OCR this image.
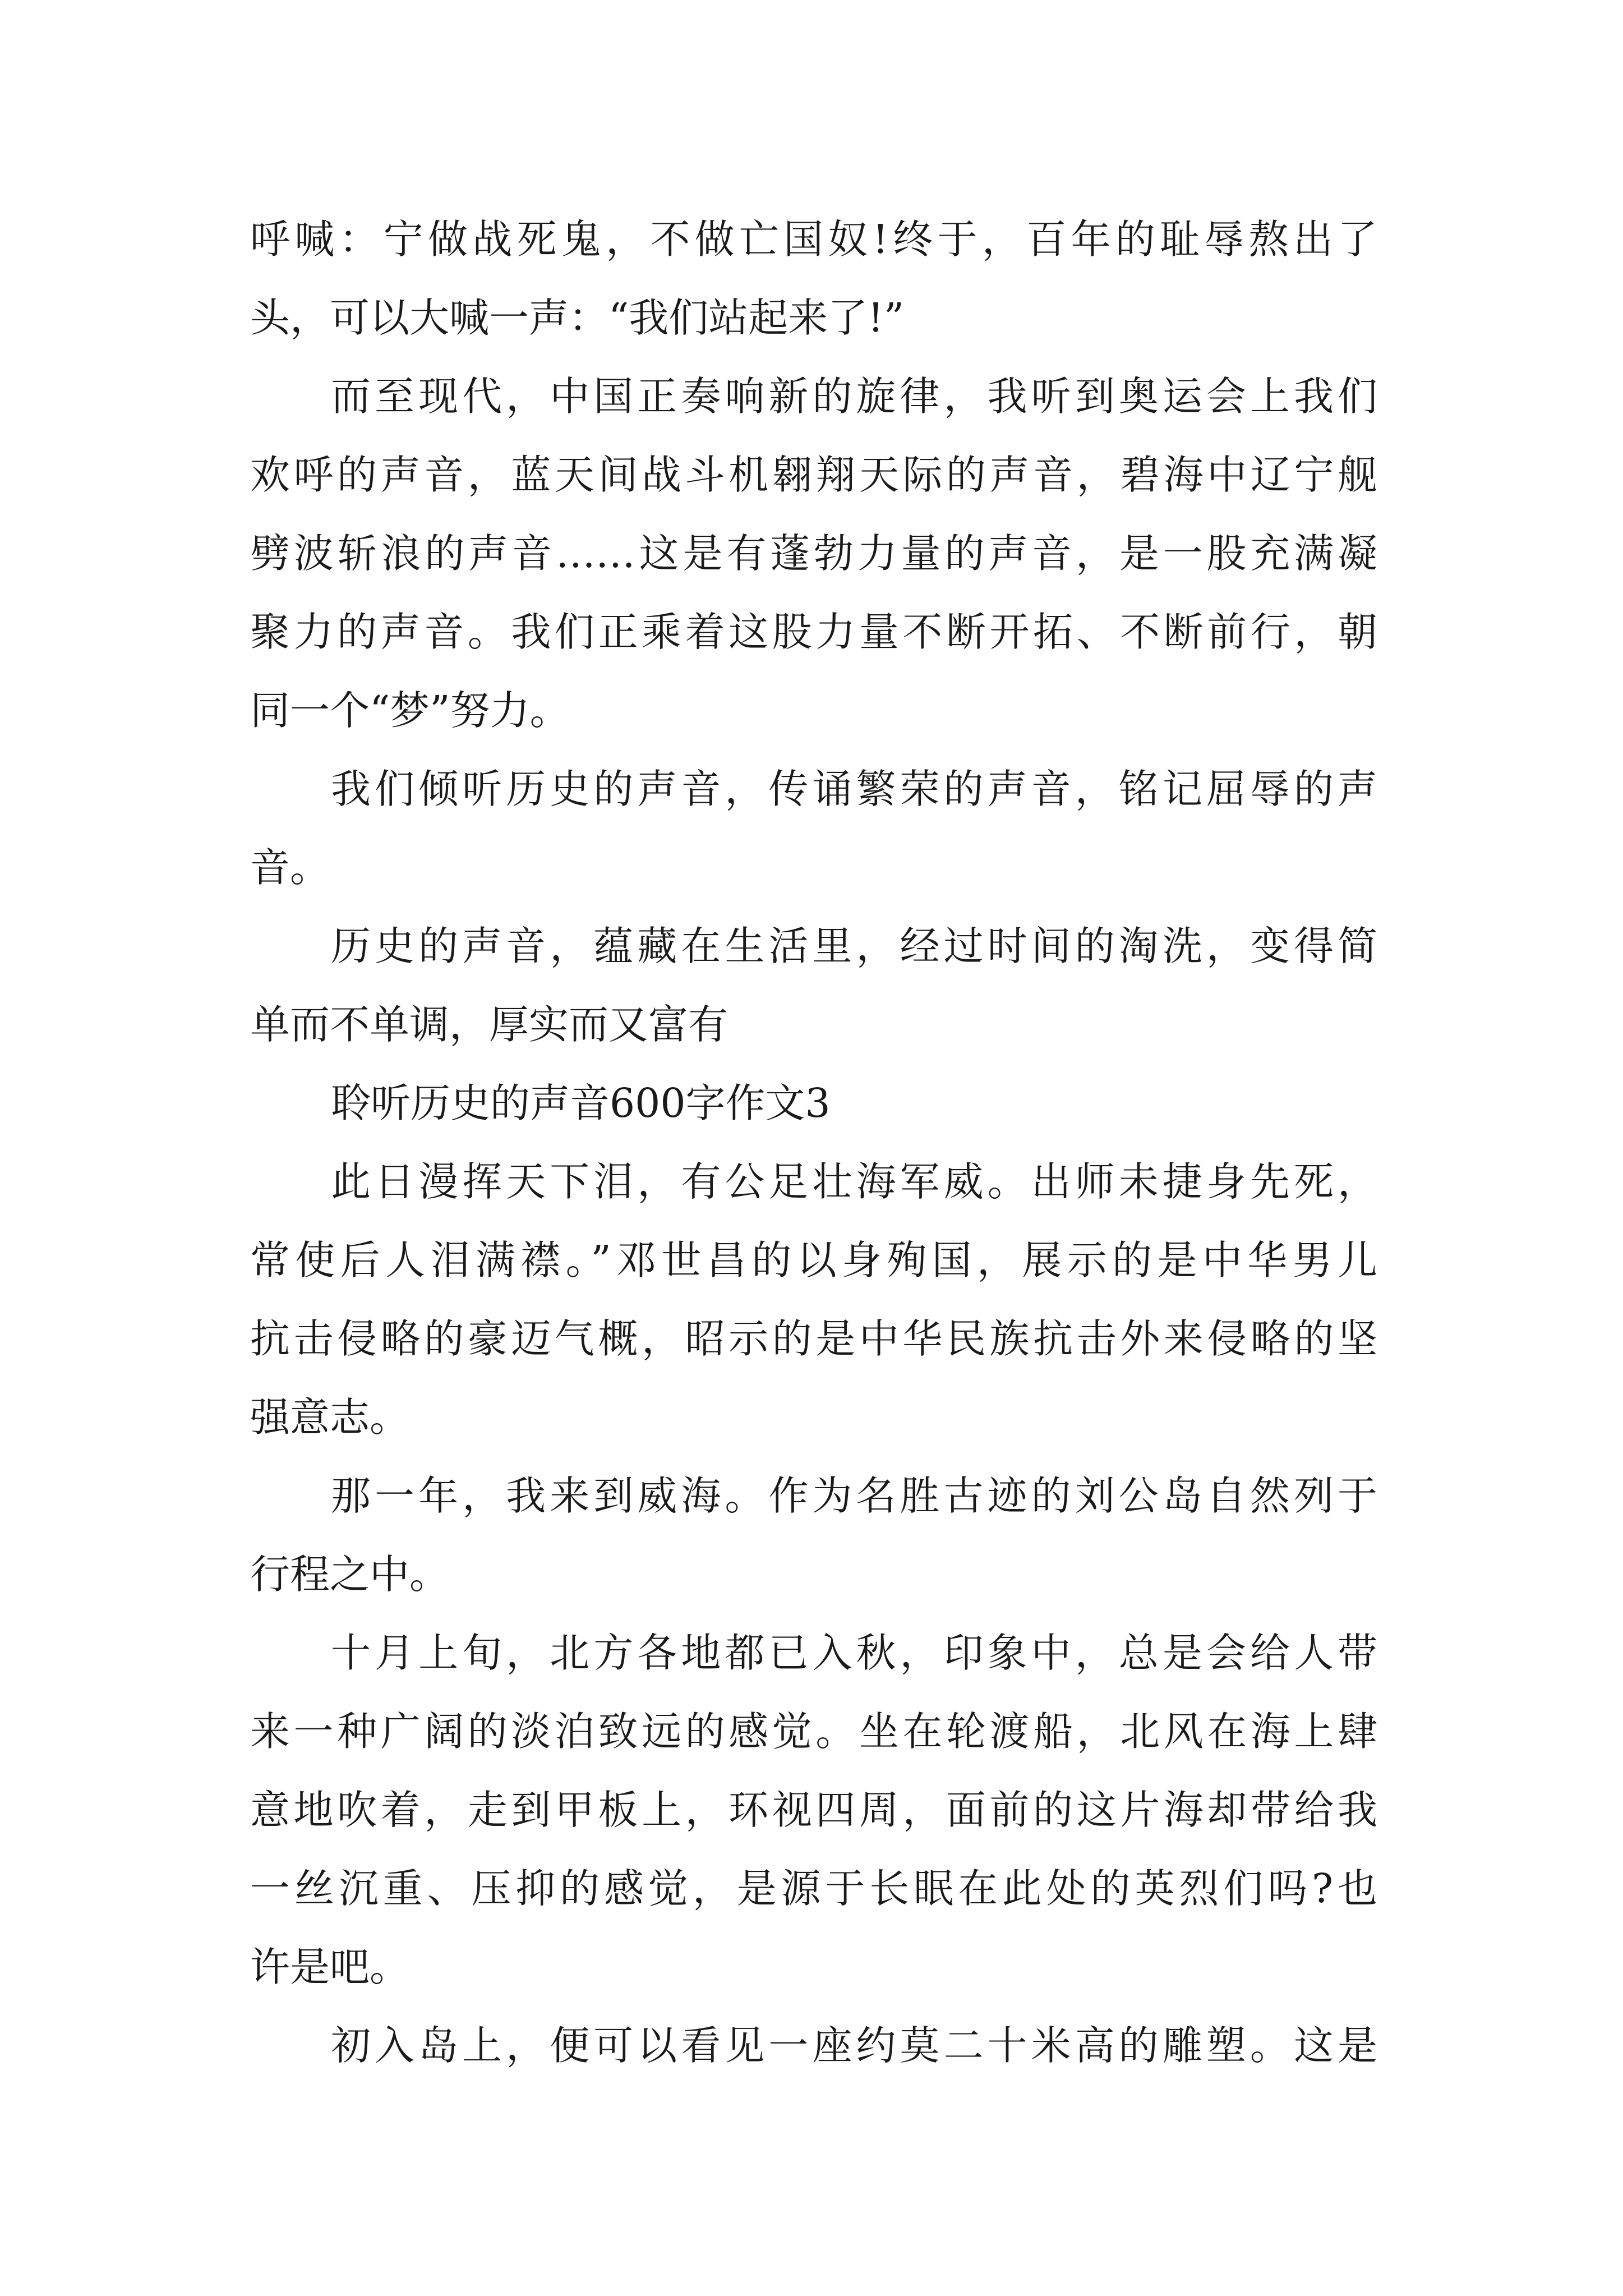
呼喊：宁做战死鬼，不做亡国奴!终于，百年的耻辱熬出了
头，可以大喊一声：“我们站起来了!”
而至现代，中国正奏响新的旋律，我听到奥运会上我们
欢呼的声音，蓝天间战斗机翱翔天际的声音，碧海中辽宁舰
劈波斩浪的声音……这是有蓬勃力量的声音，是一股充满凝
聚力的声音。我们正乘着这股力量不断开拓、不断前行，朝
同一个“梦”努力。
我们倾听历史的声音，传诵繁荣的声音，铭记屈辱的声
音。
历史的声音，蕴藏在生活里，经过时间的淘洗，变得简
单而不单调，厚实而又富有
聆听历史的声音600字作文3
此日漫挥天下泪，有公足壮海军威。出师未捷身先死，
常使后人泪满襟。”邓世昌的以身殉国，展示的是中华男儿
抗击侵略的豪迈气概，昭示的是中华民族抗击外来侵略的坚
强意志。
那一年，我来到威海。作为名胜古迹的刘公岛自然列于
行程之中。
十月上旬，北方各地都已入秋，印象中，总是会给人带
来一种广阔的淡泊致远的感觉。坐在轮渡船，北风在海上肆
意地吹着，走到甲板上，环视四周，面前的这片海却带给我
一丝沉重、压抑的感觉，是源于长眠在此处的英烈们吗?也
许是吧。
初入岛上，便可以看见一座约莫二十米高的雕塑。这是
